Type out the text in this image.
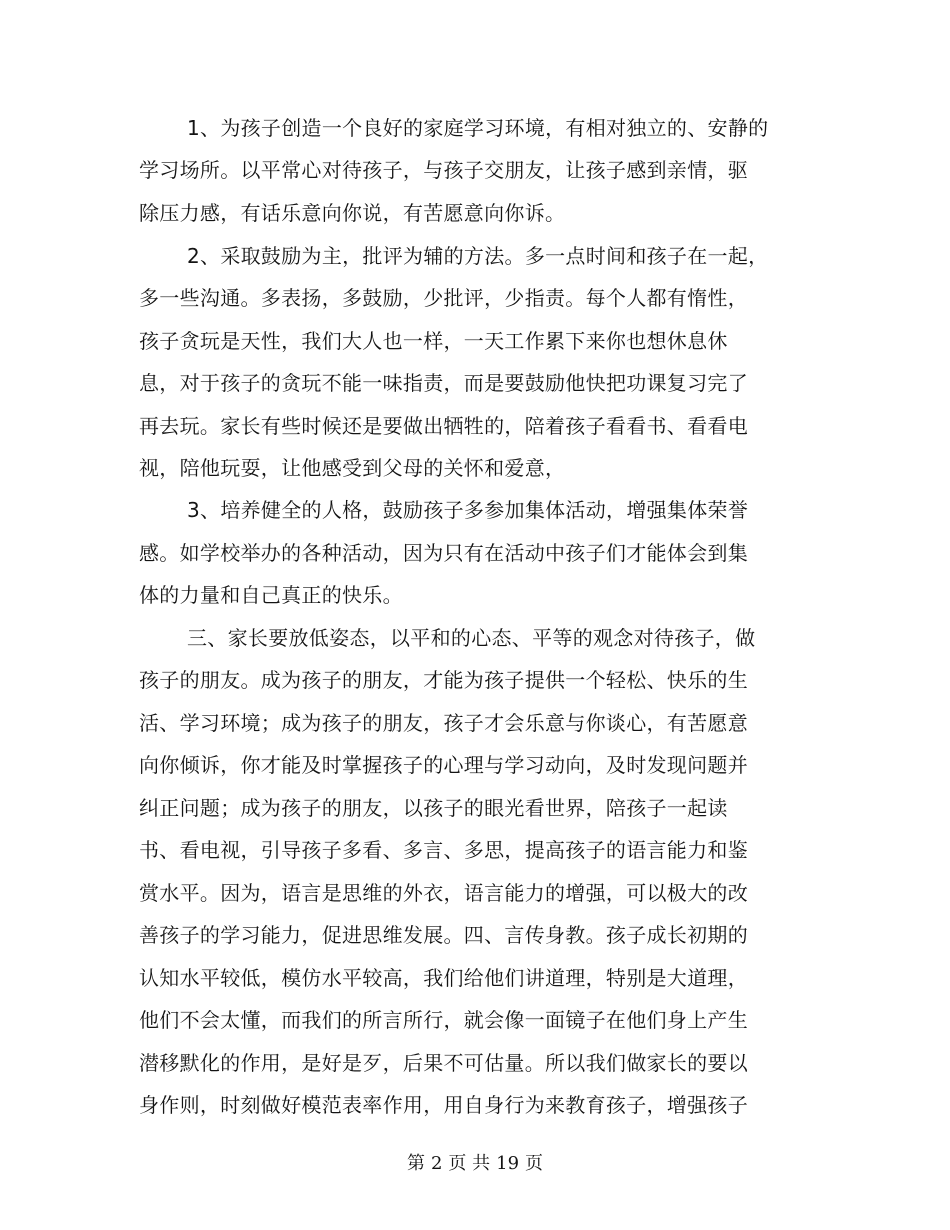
1、为孩子创造一个良好的家庭学习环境，有相对独立的、安静的
学习场所。以平常心对待孩子，与孩子交朋友，让孩子感到亲情，驱
除压力感，有话乐意向你说，有苦愿意向你诉。
2、采取鼓励为主，批评为辅的方法。多一点时间和孩子在一起，
多一些沟通。多表扬，多鼓励，少批评，少指责。每个人都有惰性，
孩子贪玩是天性，我们大人也一样，一天工作累下来你也想休息休
息，对于孩子的贪玩不能一味指责，而是要鼓励他快把功课复习完了
再去玩。家长有些时候还是要做出牺牲的，陪着孩子看看书、看看电
视，陪他玩耍，让他感受到父母的关怀和爱意，
3、培养健全的人格，鼓励孩子多参加集体活动，增强集体荣誉
感。如学校举办的各种活动，因为只有在活动中孩子们才能体会到集
体的力量和自己真正的快乐。
三、家长要放低姿态，以平和的心态、平等的观念对待孩子，做
孩子的朋友。成为孩子的朋友，才能为孩子提供一个轻松、快乐的生
活、学习环境；成为孩子的朋友，孩子才会乐意与你谈心，有苦愿意
向你倾诉，你才能及时掌握孩子的心理与学习动向，及时发现问题并
纠正问题；成为孩子的朋友，以孩子的眼光看世界，陪孩子一起读
书、看电视，引导孩子多看、多言、多思，提高孩子的语言能力和鉴
赏水平。因为，语言是思维的外衣，语言能力的增强，可以极大的改
善孩子的学习能力，促进思维发展。四、言传身教。孩子成长初期的
认知水平较低，模仿水平较高，我们给他们讲道理，特别是大道理，
他们不会太懂，而我们的所言所行，就会像一面镜子在他们身上产生
潜移默化的作用，是好是歹，后果不可估量。所以我们做家长的要以
身作则，时刻做好模范表率作用，用自身行为来教育孩子，增强孩子
第 2 页 共 19 页
